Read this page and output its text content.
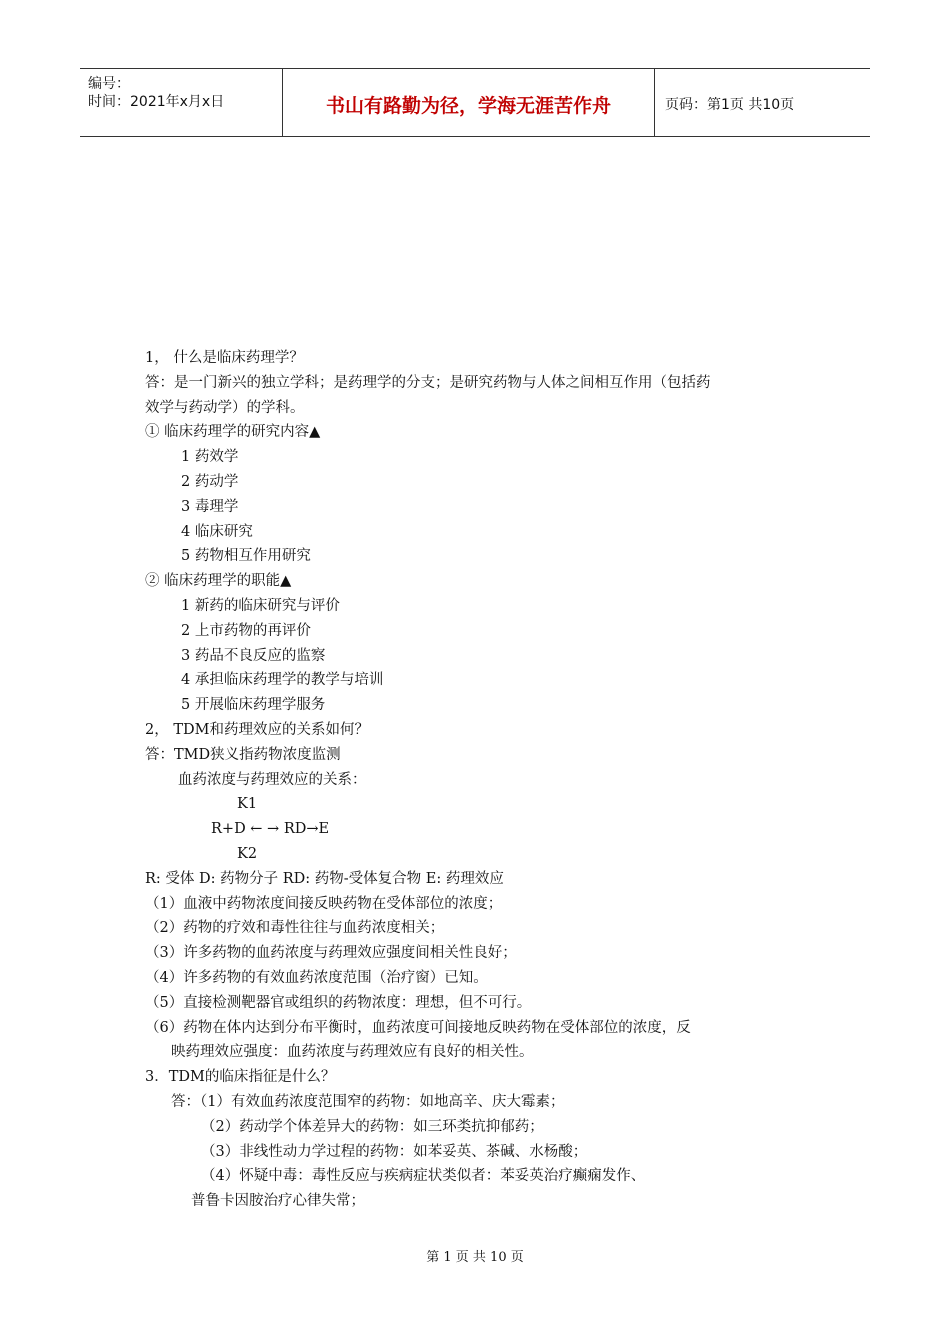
编号：
时间：2021年x月x日	书山有路勤为径，学海无涯苦作舟	页码：第1页 共10页
1， 什么是临床药理学？
答：是一门新兴的独立学科；是药理学的分支；是研究药物与人体之间相互作用（包括药
效学与药动学）的学科。
① 临床药理学的研究内容▲
1 药效学
2 药动学
3 毒理学
4 临床研究
5 药物相互作用研究
② 临床药理学的职能▲
1 新药的临床研究与评价
2 上市药物的再评价
3 药品不良反应的监察
4 承担临床药理学的教学与培训
5 开展临床药理学服务
2， TDM和药理效应的关系如何？
答：TMD狭义指药物浓度监测
血药浓度与药理效应的关系：
K1
R+D ← → RD→E
K2
R: 受体 D: 药物分子 RD: 药物-受体复合物 E: 药理效应
（1）血液中药物浓度间接反映药物在受体部位的浓度；
（2）药物的疗效和毒性往往与血药浓度相关；
（3）许多药物的血药浓度与药理效应强度间相关性良好；
（4）许多药物的有效血药浓度范围（治疗窗）已知。
（5）直接检测靶器官或组织的药物浓度：理想，但不可行。
（6）药物在体内达到分布平衡时，血药浓度可间接地反映药物在受体部位的浓度，反
映药理效应强度：血药浓度与药理效应有良好的相关性。
3．TDM的临床指征是什么？
答：（1）有效血药浓度范围窄的药物：如地高辛、庆大霉素；
（2）药动学个体差异大的药物：如三环类抗抑郁药；
（3）非线性动力学过程的药物：如苯妥英、茶碱、水杨酸；
（4）怀疑中毒：毒性反应与疾病症状类似者：苯妥英治疗癫痫发作、
普鲁卡因胺治疗心律失常；
第 1 页 共 10 页
